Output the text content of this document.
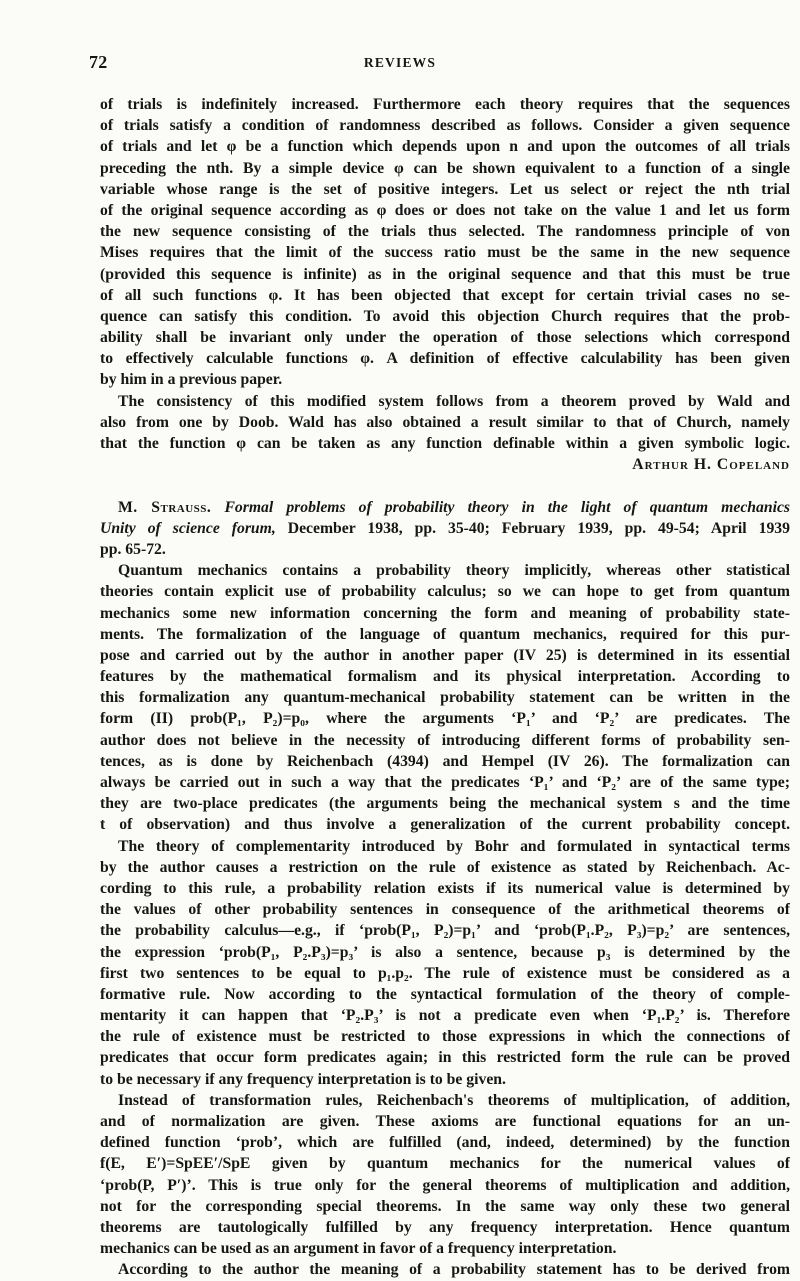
72	REVIEWS
of trials is indefinitely increased. Furthermore each theory requires that the sequences
of trials satisfy a condition of randomness described as follows. Consider a given sequence
of trials and let φ be a function which depends upon n and upon the outcomes of all trials
preceding the nth. By a simple device φ can be shown equivalent to a function of a single
variable whose range is the set of positive integers. Let us select or reject the nth trial
of the original sequence according as φ does or does not take on the value 1 and let us form
the new sequence consisting of the trials thus selected. The randomness principle of von
Mises requires that the limit of the success ratio must be the same in the new sequence
(provided this sequence is infinite) as in the original sequence and that this must be true
of all such functions φ. It has been objected that except for certain trivial cases no se-
quence can satisfy this condition. To avoid this objection Church requires that the prob-
ability shall be invariant only under the operation of those selections which correspond
to effectively calculable functions φ. A definition of effective calculability has been given
by him in a previous paper.
The consistency of this modified system follows from a theorem proved by Wald and
also from one by Doob. Wald has also obtained a result similar to that of Church, namely
that the function φ can be taken as any function definable within a given symbolic logic.
Arthur H. Copeland
M. Strauss. Formal problems of probability theory in the light of quantum mechanics
Unity of science forum, December 1938, pp. 35-40; February 1939, pp. 49-54; April 1939
pp. 65-72.
Quantum mechanics contains a probability theory implicitly, whereas other statistical
theories contain explicit use of probability calculus; so we can hope to get from quantum
mechanics some new information concerning the form and meaning of probability state-
ments. The formalization of the language of quantum mechanics, required for this pur-
pose and carried out by the author in another paper (IV 25) is determined in its essential
features by the mathematical formalism and its physical interpretation. According to
this formalization any quantum-mechanical probability statement can be written in the
form (II) prob(P₁, P₂)=p₀, where the arguments ‘P₁’ and ‘P₂’ are predicates. The
author does not believe in the necessity of introducing different forms of probability sen-
tences, as is done by Reichenbach (4394) and Hempel (IV 26). The formalization can
always be carried out in such a way that the predicates ‘P₁’ and ‘P₂’ are of the same type;
they are two-place predicates (the arguments being the mechanical system s and the time
t of observation) and thus involve a generalization of the current probability concept.
The theory of complementarity introduced by Bohr and formulated in syntactical terms
by the author causes a restriction on the rule of existence as stated by Reichenbach. Ac-
cording to this rule, a probability relation exists if its numerical value is determined by
the values of other probability sentences in consequence of the arithmetical theorems of
the probability calculus—e.g., if ‘prob(P₁, P₂)=p₁’ and ‘prob(P₁.P₂, P₃)=p₂’ are sentences,
the expression ‘prob(P₁, P₂.P₃)=p₃’ is also a sentence, because p₃ is determined by the
first two sentences to be equal to p₁.p₂. The rule of existence must be considered as a
formative rule. Now according to the syntactical formulation of the theory of comple-
mentarity it can happen that ‘P₂.P₃’ is not a predicate even when ‘P₁.P₂’ is. Therefore
the rule of existence must be restricted to those expressions in which the connections of
predicates that occur form predicates again; in this restricted form the rule can be proved
to be necessary if any frequency interpretation is to be given.
Instead of transformation rules, Reichenbach's theorems of multiplication, of addition,
and of normalization are given. These axioms are functional equations for an un-
defined function ‘prob’, which are fulfilled (and, indeed, determined) by the function
f(E, E′)=SpEE′/SpE given by quantum mechanics for the numerical values of
‘prob(P, P′)’. This is true only for the general theorems of multiplication and addition,
not for the corresponding special theorems. In the same way only these two general
theorems are tautologically fulfilled by any frequency interpretation. Hence quantum
mechanics can be used as an argument in favor of a frequency interpretation.
According to the author the meaning of a probability statement has to be derived from
